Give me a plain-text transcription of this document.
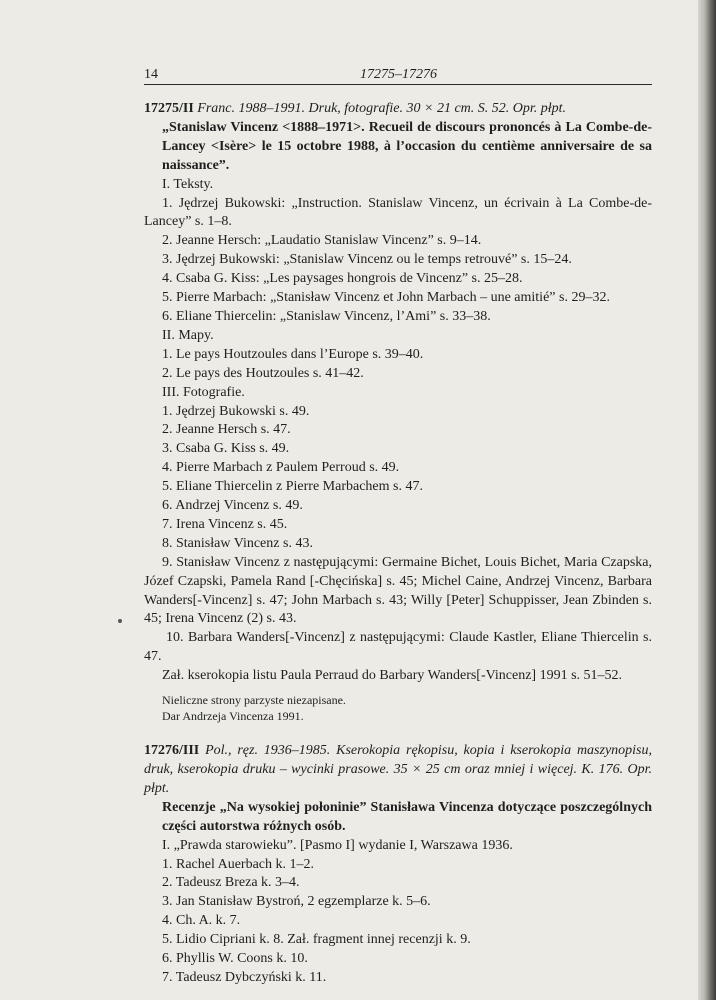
14	17275–17276

17275/II Franc. 1988–1991. Druk, fotografie. 30 × 21 cm. S. 52. Opr. płpt.

„Stanislaw Vincenz <1888–1971>. Recueil de discours prononcés à La Combe-de-Lancey <Isère> le 15 octobre 1988, à l’occasion du centième anniversaire de sa naissance”.

I. Teksty.

1. Jędrzej Bukowski: „Instruction. Stanislaw Vincenz, un écrivain à La Combe-de-Lancey” s. 1–8.

2. Jeanne Hersch: „Laudatio Stanislaw Vincenz” s. 9–14.

3. Jędrzej Bukowski: „Stanislaw Vincenz ou le temps retrouvé” s. 15–24.

4. Csaba G. Kiss: „Les paysages hongrois de Vincenz” s. 25–28.

5. Pierre Marbach: „Stanisław Vincenz et John Marbach – une amitié” s. 29–32.

6. Eliane Thiercelin: „Stanislaw Vincenz, l’Ami” s. 33–38.

II. Mapy.

1. Le pays Houtzoules dans l’Europe s. 39–40.

2. Le pays des Houtzoules s. 41–42.

III. Fotografie.

1. Jędrzej Bukowski s. 49.

2. Jeanne Hersch s. 47.

3. Csaba G. Kiss s. 49.

4. Pierre Marbach z Paulem Perroud s. 49.

5. Eliane Thiercelin z Pierre Marbachem s. 47.

6. Andrzej Vincenz s. 49.

7. Irena Vincenz s. 45.

8. Stanisław Vincenz s. 43.

9. Stanisław Vincenz z następującymi: Germaine Bichet, Louis Bichet, Maria Czapska, Józef Czapski, Pamela Rand [-Chęcińska] s. 45; Michel Caine, Andrzej Vincenz, Barbara Wanders[-Vincenz] s. 47; John Marbach s. 43; Willy [Peter] Schuppisser, Jean Zbinden s. 45; Irena Vincenz (2) s. 43.

10. Barbara Wanders[-Vincenz] z następującymi: Claude Kastler, Eliane Thiercelin s. 47.

Zał. kserokopia listu Paula Perraud do Barbary Wanders[-Vincenz] 1991 s. 51–52.

Nieliczne strony parzyste niezapisane.

Dar Andrzeja Vincenza 1991.

17276/III Pol., ręz. 1936–1985. Kserokopia rękopisu, kopia i kserokopia maszynopisu, druk, kserokopia druku – wycinki prasowe. 35 × 25 cm oraz mniej i więcej. K. 176. Opr. płpt.

Recenzje „Na wysokiej połoninie” Stanisława Vincenza dotyczące poszczególnych części autorstwa różnych osób.

I. „Prawda starowieku”. [Pasmo I] wydanie I, Warszawa 1936.

1. Rachel Auerbach k. 1–2.

2. Tadeusz Breza k. 3–4.

3. Jan Stanisław Bystroń, 2 egzemplarze k. 5–6.

4. Ch. A. k. 7.

5. Lidio Cipriani k. 8. Zał. fragment innej recenzji k. 9.

6. Phyllis W. Coons k. 10.

7. Tadeusz Dybczyński k. 11.
